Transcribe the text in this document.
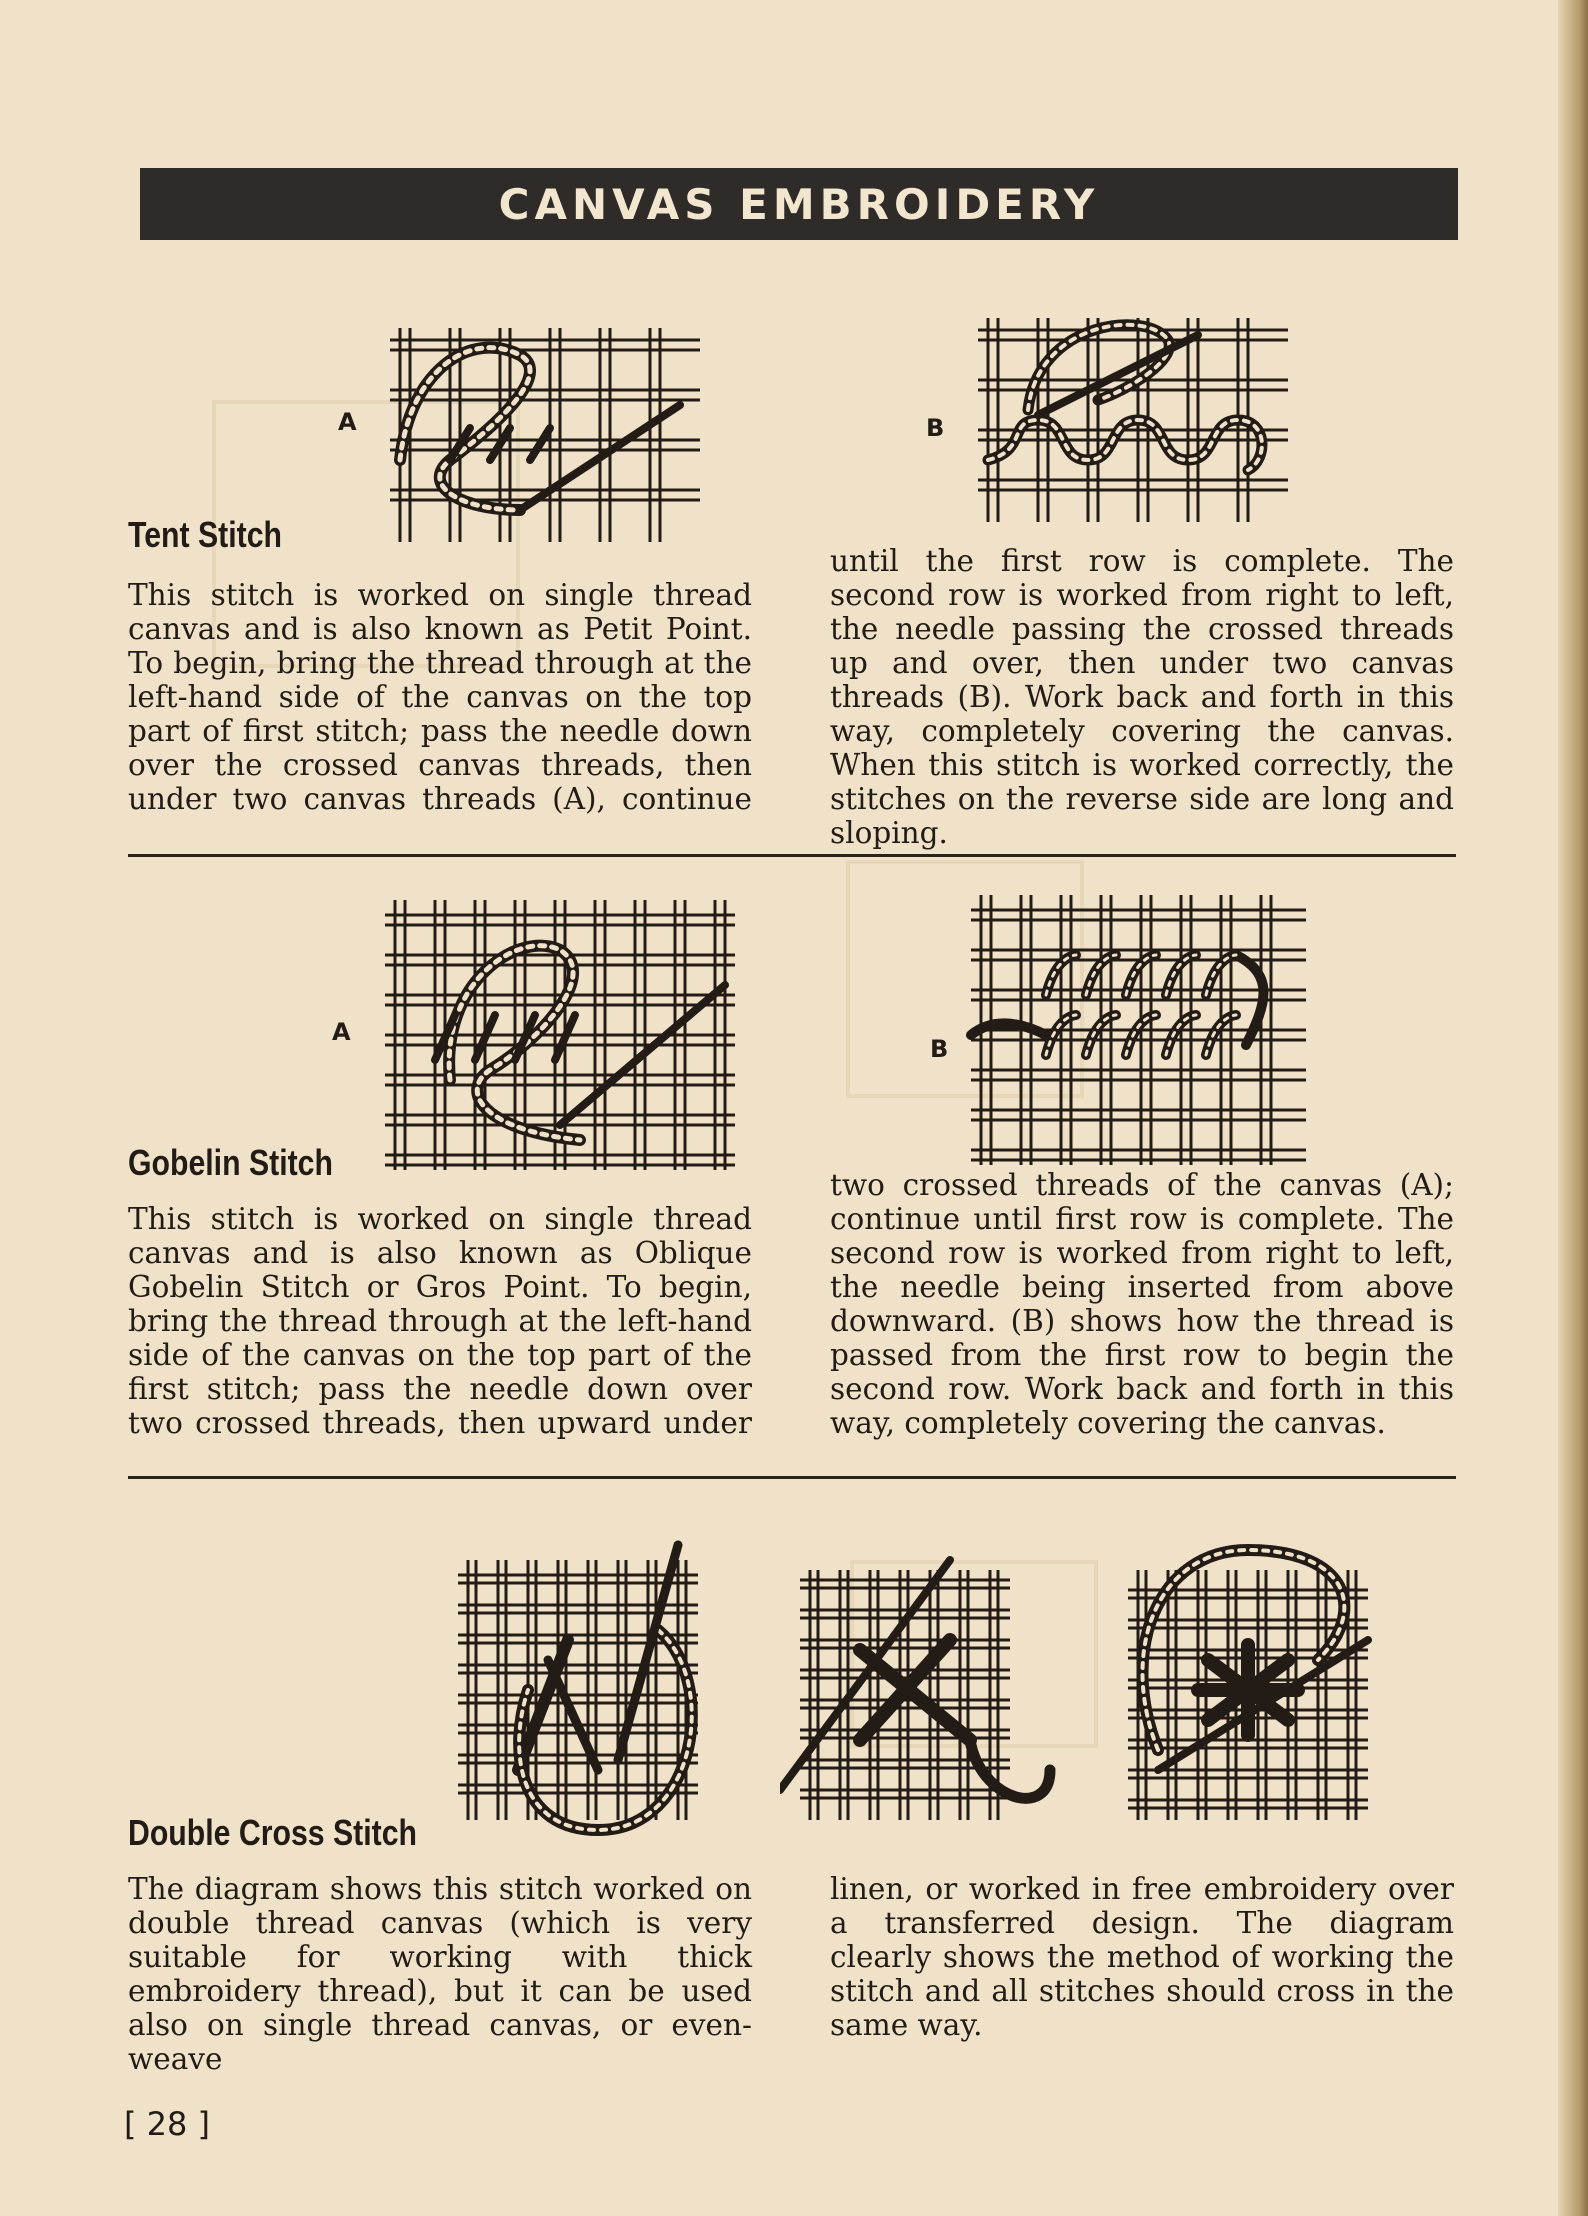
CANVAS EMBROIDERY
A	B
Tent Stitch

This stitch is worked on single thread canvas and is also known as Petit Point. To begin, bring the thread through at the left-hand side of the canvas on the top part of first stitch; pass the needle down over the crossed canvas threads, then under two canvas threads (A), continue

until the first row is complete. The second row is worked from right to left, the needle passing the crossed threads up and over, then under two canvas threads (B). Work back and forth in this way, completely covering the canvas. When this stitch is worked correctly, the stitches on the reverse side are long and sloping.

A
B
Gobelin Stitch

This stitch is worked on single thread canvas and is also known as Oblique Gobelin Stitch or Gros Point. To begin, bring the thread through at the left-hand side of the canvas on the top part of the first stitch; pass the needle down over two crossed threads, then upward under

two crossed threads of the canvas (A); continue until first row is complete. The second row is worked from right to left, the needle being inserted from above downward. (B) shows how the thread is passed from the first row to begin the second row. Work back and forth in this way, completely covering the canvas.

Double Cross Stitch

The diagram shows this stitch worked on double thread canvas (which is very suitable for working with thick embroidery thread), but it can be used also on single thread canvas, or even-weave

linen, or worked in free embroidery over a transferred design. The diagram clearly shows the method of working the stitch and all stitches should cross in the same way.

[ 28 ]
